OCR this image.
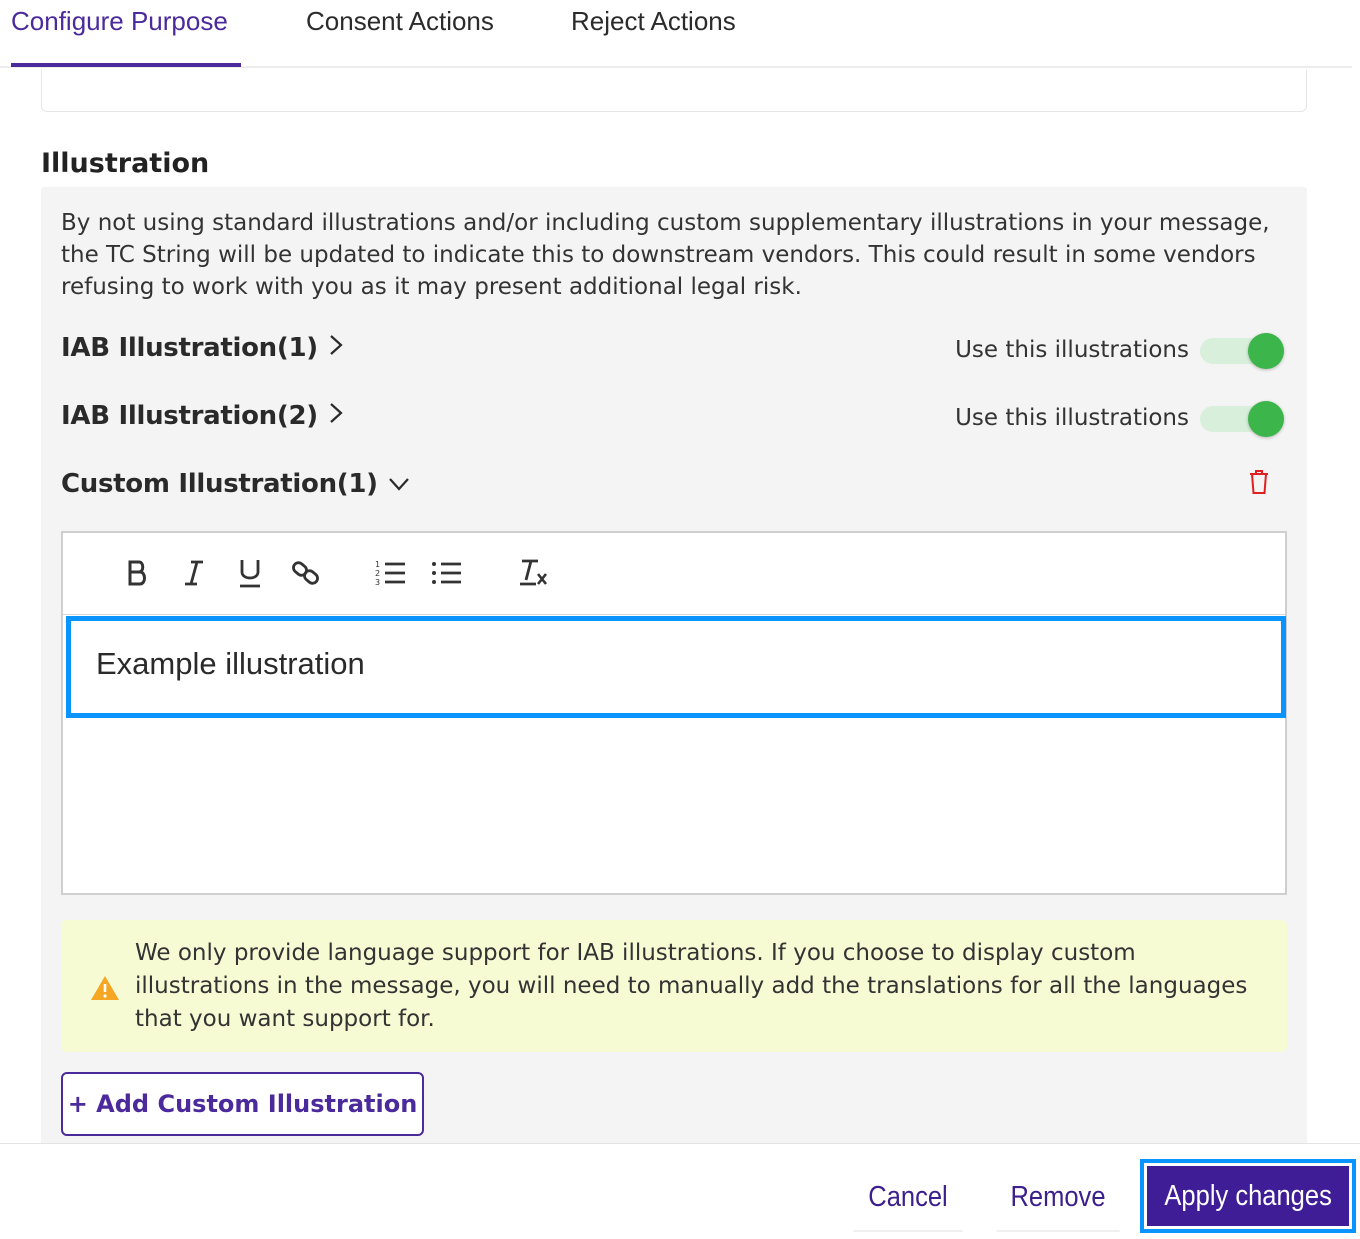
Configure Purpose	Consent Actions	Reject Actions
Illustration
By not using standard illustrations and/or including custom supplementary illustrations in your message, the TC String will be updated to indicate this to downstream vendors. This could result in some vendors refusing to work with you as it may present additional legal risk.
IAB Illustration(1)	Use this illustrations
IAB Illustration(2)	Use this illustrations
Custom Illustration(1)
1
2
3
Example illustration
We only provide language support for IAB illustrations. If you choose to display custom illustrations in the message, you will need to manually add the translations for all the languages that you want support for.
+ Add Custom Illustration
Cancel	Remove	Apply changes
